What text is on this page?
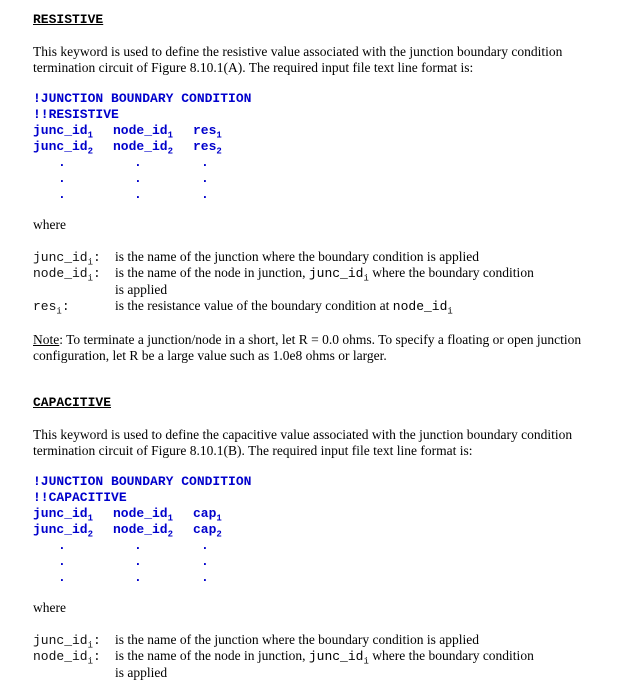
RESISTIVE
This keyword is used to define the resistive value associated with the junction boundary condition termination circuit of Figure 8.10.1(A). The required input file text line format is:
!JUNCTION BOUNDARY CONDITION
!!RESISTIVE
$junc\_id_1$ $node\_id_1$ res$_1$
$junc\_id_2$ $node\_id_2$ res$_2$
.
.
.
.
.
.
.
.
.
where
$junc\_id_i$: is the name of the junction where the boundary condition is applied
$node\_id_i$: is the name of the node in junction, $junc\_id_i$ where the boundary condition
is applied
res$_i$:	is the resistance value of the boundary condition at $node\_id_i$
Note: To terminate a junction/node in a short, let R = 0.0 ohms. To specify a floating or open junction configuration, let R be a large value such as 1.0e8 ohms or larger.
CAPACITIVE
This keyword is used to define the capacitive value associated with the junction boundary condition termination circuit of Figure 8.10.1(B). The required input file text line format is:
!JUNCTION BOUNDARY CONDITION
!!CAPACITIVE
$junc\_id_1$ $node\_id_1$ cap$_1$
$junc\_id_2$ $node\_id_2$ cap$_2$
.
.
.
.
.
.
.
.
.
where
$junc\_id_i$: is the name of the junction where the boundary condition is applied
$node\_id_i$: is the name of the node in junction, $junc\_id_i$ where the boundary condition
is applied
